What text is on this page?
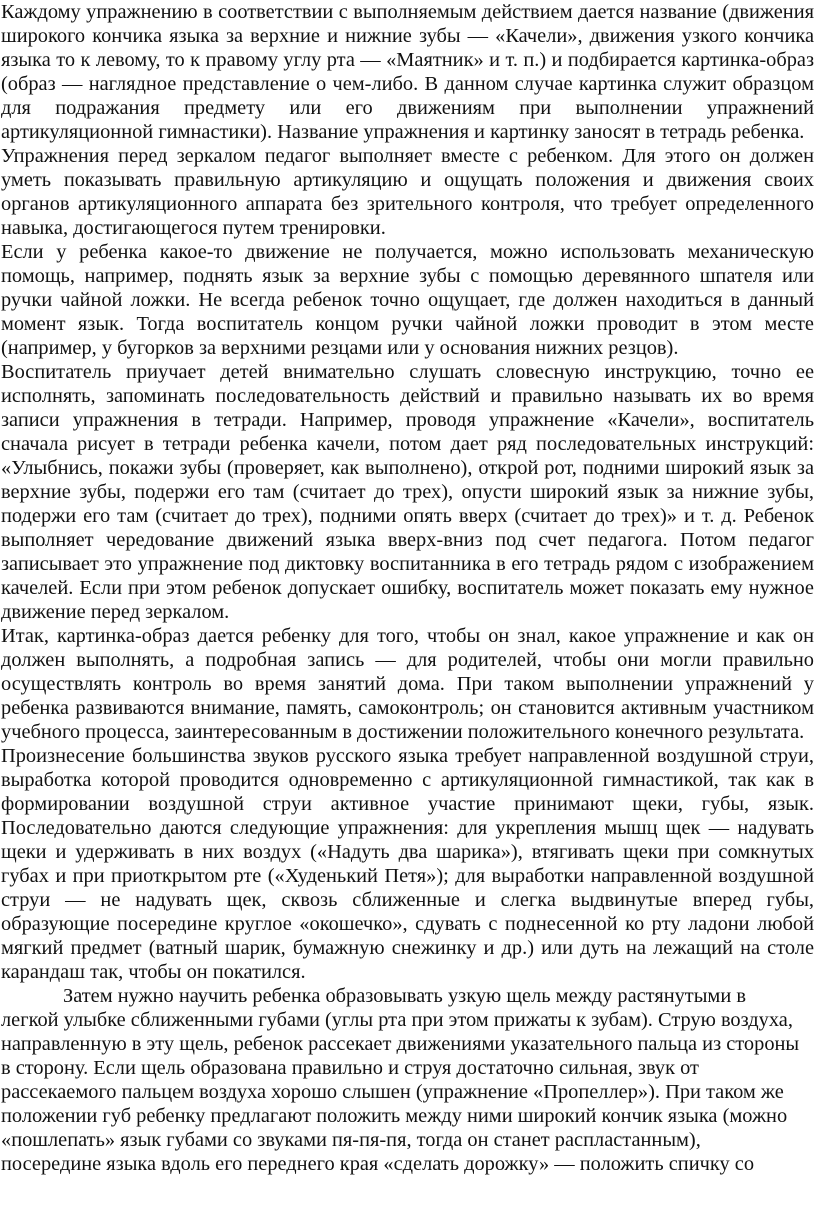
Каждому упражнению в соответствии с выполняемым действием дается название (движения широкого кончика языка за верхние и нижние зубы — «Качели», движения узкого кончика языка то к левому, то к правому углу рта — «Маятник» и т. п.) и подбирается картинка-образ (образ — наглядное представление о чем-либо. В данном случае картинка служит образцом для подражания предмету или его движениям при выполнении упражнений артикуляционной гимнастики). Название упражнения и картинку заносят в тетрадь ребенка.

Упражнения перед зеркалом педагог выполняет вместе с ребенком. Для этого он должен уметь показывать правильную артикуляцию и ощущать положения и движения своих органов артикуляционного аппарата без зрительного контроля, что требует определенного навыка, достигающегося путем тренировки.

Если у ребенка какое-то движение не получается, можно использовать механическую помощь, например, поднять язык за верхние зубы с помощью деревянного шпателя или ручки чайной ложки. Не всегда ребенок точно ощущает, где должен находиться в данный момент язык. Тогда воспитатель концом ручки чайной ложки проводит в этом месте (например, у бугорков за верхними резцами или у основания нижних резцов).

Воспитатель приучает детей внимательно слушать словесную инструкцию, точно ее исполнять, запоминать последовательность действий и правильно называть их во время записи упражнения в тетради. Например, проводя упражнение «Качели», воспитатель сначала рисует в тетради ребенка качели, потом дает ряд последовательных инструкций: «Улыбнись, покажи зубы (проверяет, как выполнено), открой рот, подними широкий язык за верхние зубы, подержи его там (считает до трех), опусти широкий язык за нижние зубы, подержи его там (считает до трех), подними опять вверх (считает до трех)» и т. д. Ребенок выполняет чередование движений языка вверх-вниз под счет педагога. Потом педагог записывает это упражнение под диктовку воспитанника в его тетрадь рядом с изображением качелей. Если при этом ребенок допускает ошибку, воспитатель может показать ему нужное движение перед зеркалом.

Итак, картинка-образ дается ребенку для того, чтобы он знал, какое упражнение и как он должен выполнять, а подробная запись — для родителей, чтобы они могли правильно осуществлять контроль во время занятий дома. При таком выполнении упражнений у ребенка развиваются внимание, память, самоконтроль; он становится активным участником учебного процесса, заинтересованным в достижении положительного конечного результата.

Произнесение большинства звуков русского языка требует направленной воздушной струи, выработка которой проводится одновременно с артикуляционной гимнастикой, так как в формировании воздушной струи активное участие принимают щеки, губы, язык. Последовательно даются следующие упражнения: для укрепления мышц щек — надувать щеки и удерживать в них воздух («Надуть два шарика»), втягивать щеки при сомкнутых губах и при приоткрытом рте («Худенький Петя»); для выработки направленной воздушной струи — не надувать щек, сквозь сближенные и слегка выдвинутые вперед губы, образующие посередине круглое «окошечко», сдувать с поднесенной ко рту ладони любой мягкий предмет (ватный шарик, бумажную снежинку и др.) или дуть на лежащий на столе карандаш так, чтобы он покатился.

Затем нужно научить ребенка образовывать узкую щель между растянутыми в легкой улыбке сближенными губами (углы рта при этом прижаты к зубам). Струю воздуха, направленную в эту щель, ребенок рассекает движениями указательного пальца из стороны в сторону. Если щель образована правильно и струя достаточно сильная, звук от рассекаемого пальцем воздуха хорошо слышен (упражнение «Пропеллер»). При таком же положении губ ребенку предлагают положить между ними широкий кончик языка (можно «пошлепать» язык губами со звуками пя-пя-пя, тогда он станет распластанным), посередине языка вдоль его переднего края «сделать дорожку» — положить спичку со
